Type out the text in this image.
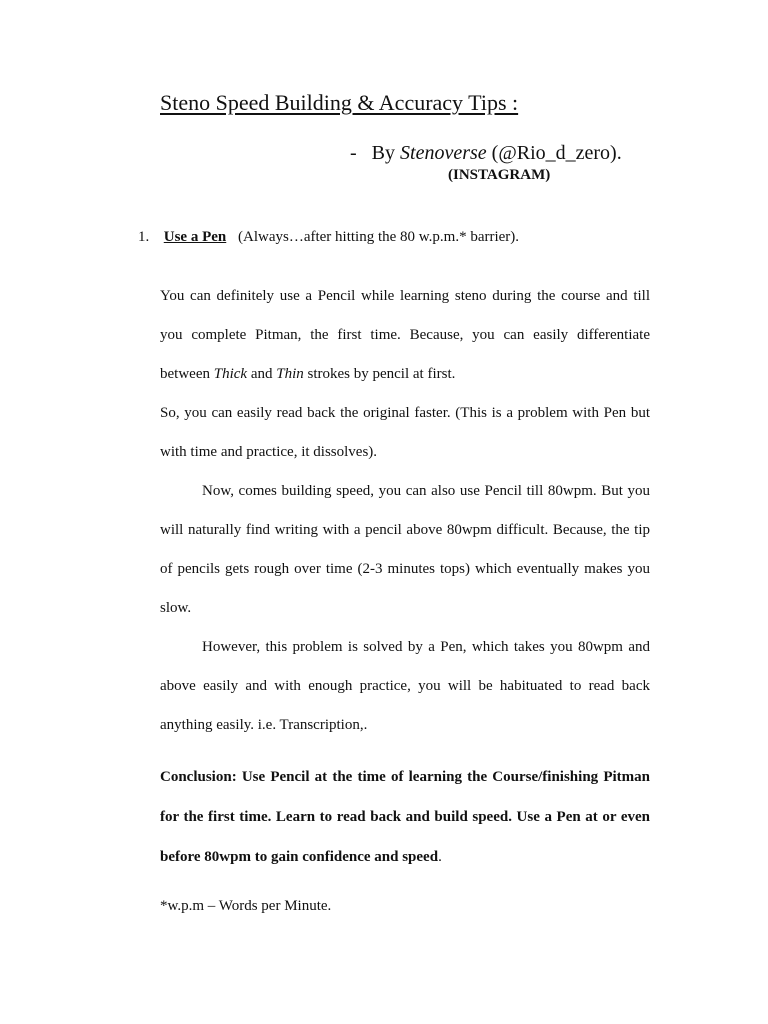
Steno Speed Building & Accuracy Tips :
- By Stenoverse (@Rio_d_zero).
(INSTAGRAM)
1. Use a Pen (Always…after hitting the 80 w.p.m.* barrier).

You can definitely use a Pencil while learning steno during the course and till you complete Pitman, the first time. Because, you can easily differentiate between Thick and Thin strokes by pencil at first.

So, you can easily read back the original faster. (This is a problem with Pen but with time and practice, it dissolves).

Now, comes building speed, you can also use Pencil till 80wpm. But you will naturally find writing with a pencil above 80wpm difficult. Because, the tip of pencils gets rough over time (2-3 minutes tops) which eventually makes you slow.

However, this problem is solved by a Pen, which takes you 80wpm and above easily and with enough practice, you will be habituated to read back anything easily. i.e. Transcription,.

Conclusion: Use Pencil at the time of learning the Course/finishing Pitman for the first time. Learn to read back and build speed. Use a Pen at or even before 80wpm to gain confidence and speed.
*w.p.m – Words per Minute.
